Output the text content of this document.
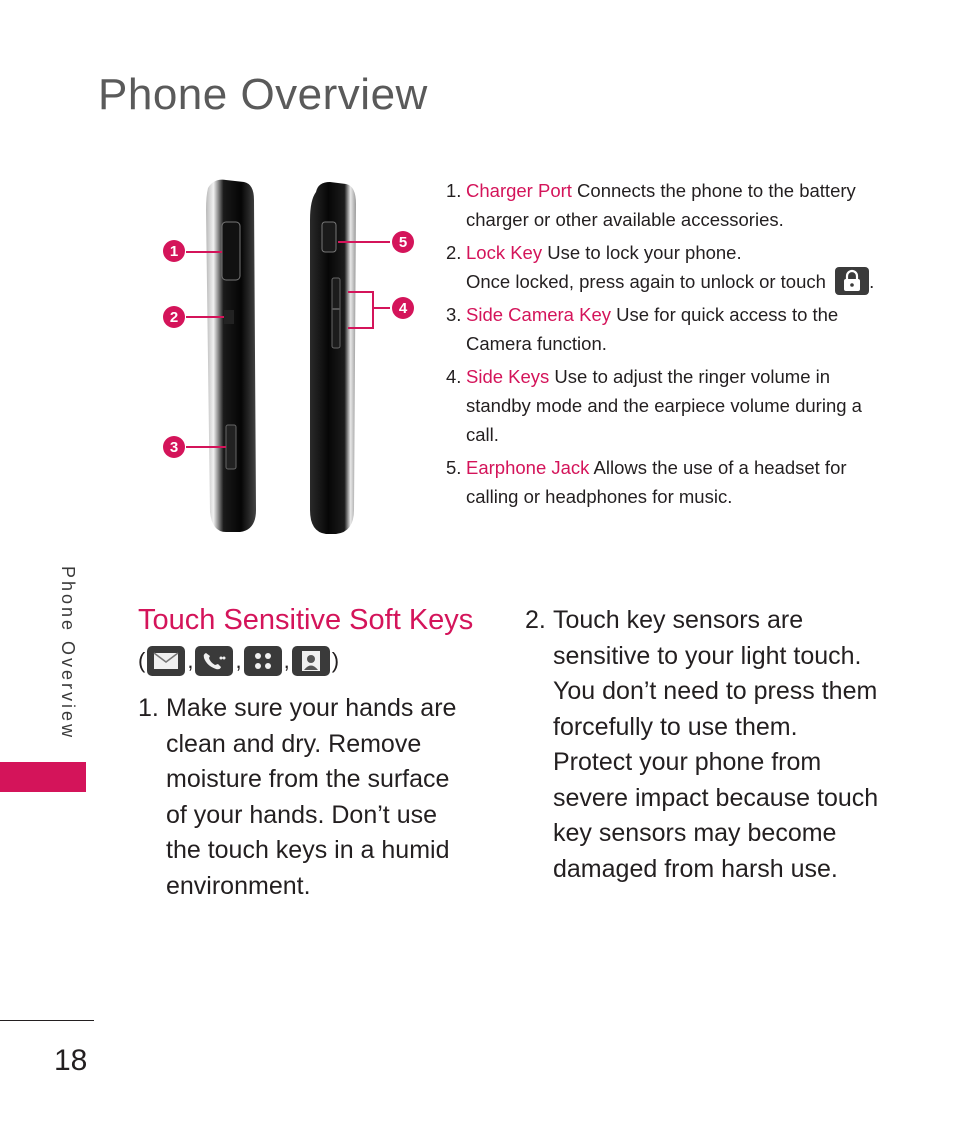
Phone Overview
1
2
3
4
5
1. Charger Port Connects the phone to the battery charger or other available accessories.
2. Lock Key Use to lock your phone.
Once locked, press again to unlock or touch .
3. Side Camera Key Use for quick access to the Camera function.
4. Side Keys Use to adjust the ringer volume in standby mode and the earpiece volume during a call.
5. Earphone Jack Allows the use of a headset for calling or headphones for music.
Touch Sensitive Soft Keys
( , , , )
1. Make sure your hands are clean and dry. Remove moisture from the surface of your hands. Don’t use the touch keys in a humid environment.
2. Touch key sensors are sensitive to your light touch. You don’t need to press them forcefully to use them. Protect your phone from severe impact because touch key sensors may become damaged from harsh use.
Phone Overview
18
